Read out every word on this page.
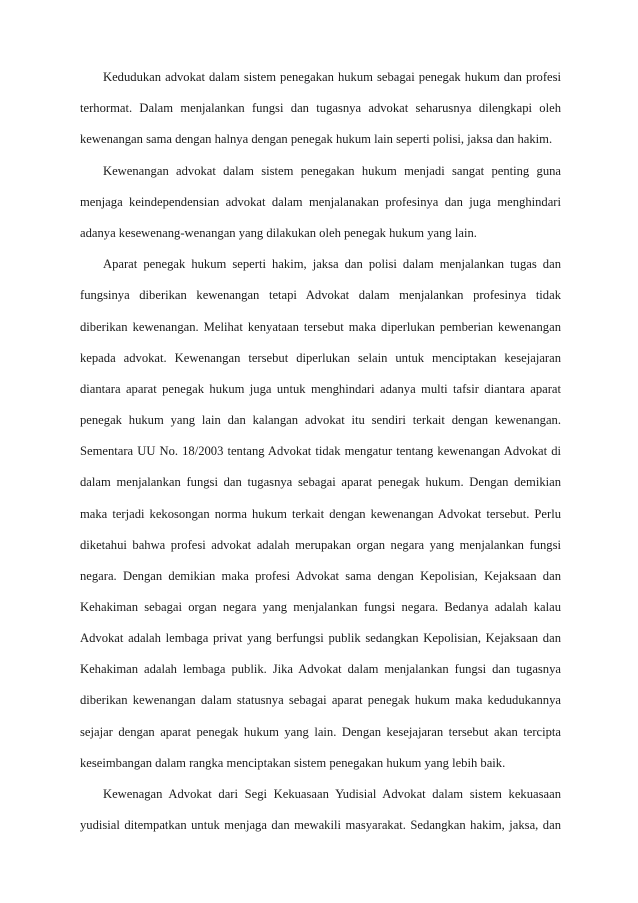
Kedudukan advokat dalam sistem penegakan hukum sebagai penegak hukum dan profesi
terhormat. Dalam menjalankan fungsi dan tugasnya advokat seharusnya dilengkapi oleh
kewenangan sama dengan halnya dengan penegak hukum lain seperti polisi, jaksa dan hakim.
Kewenangan advokat dalam sistem penegakan hukum menjadi sangat penting guna
menjaga keindependensian advokat dalam menjalanakan profesinya dan juga menghindari
adanya kesewenang-wenangan yang dilakukan oleh penegak hukum yang lain.
Aparat penegak hukum seperti hakim, jaksa dan polisi dalam menjalankan tugas dan
fungsinya diberikan kewenangan tetapi Advokat dalam menjalankan profesinya tidak
diberikan kewenangan. Melihat kenyataan tersebut maka diperlukan pemberian kewenangan
kepada advokat. Kewenangan tersebut diperlukan selain untuk menciptakan kesejajaran
diantara aparat penegak hukum juga untuk menghindari adanya multi tafsir diantara aparat
penegak hukum yang lain dan kalangan advokat itu sendiri terkait dengan kewenangan.
Sementara UU No. 18/2003 tentang Advokat tidak mengatur tentang kewenangan Advokat di
dalam menjalankan fungsi dan tugasnya sebagai aparat penegak hukum. Dengan demikian
maka terjadi kekosongan norma hukum terkait dengan kewenangan Advokat tersebut. Perlu
diketahui bahwa profesi advokat adalah merupakan organ negara yang menjalankan fungsi
negara. Dengan demikian maka profesi Advokat sama dengan Kepolisian, Kejaksaan dan
Kehakiman sebagai organ negara yang menjalankan fungsi negara. Bedanya adalah kalau
Advokat adalah lembaga privat yang berfungsi publik sedangkan Kepolisian, Kejaksaan dan
Kehakiman adalah lembaga publik. Jika Advokat dalam menjalankan fungsi dan tugasnya
diberikan kewenangan dalam statusnya sebagai aparat penegak hukum maka kedudukannya
sejajar dengan aparat penegak hukum yang lain. Dengan kesejajaran tersebut akan tercipta
keseimbangan dalam rangka menciptakan sistem penegakan hukum yang lebih baik.
Kewenagan Advokat dari Segi Kekuasaan Yudisial Advokat dalam sistem kekuasaan
yudisial ditempatkan untuk menjaga dan mewakili masyarakat. Sedangkan hakim, jaksa, dan
